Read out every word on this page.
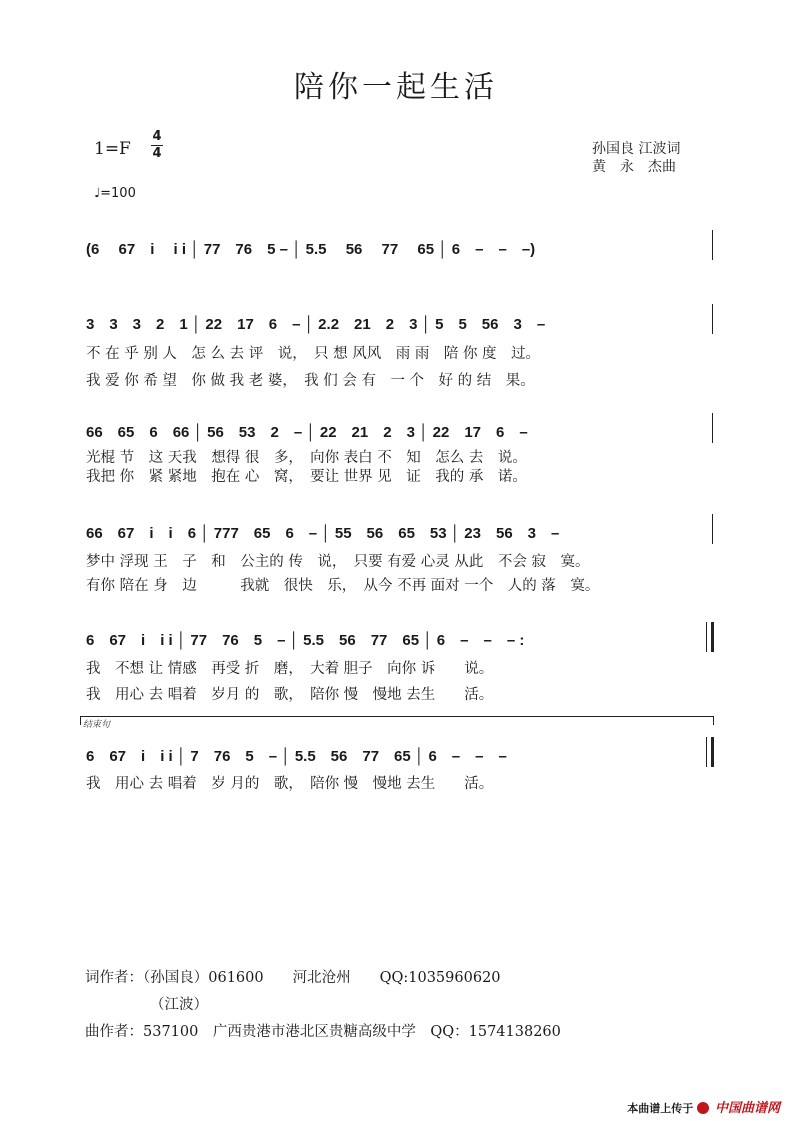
陪你一起生活
1=F
4
4
♩=100
孙国良 江波词
黄　永　杰曲
(6　 67　i　 i i │ 77　76　5 – │ 5.5　 56　 77　 65 │ 6　–　–　–)
3　3　3　2　1 │ 22　17　6　– │ 2.2　21　2　3 │ 5　5　56　3　–
不 在 乎 别 人　怎 么 去 评　说，　只 想 风风　雨 雨　陪 你 度　过。
我 爱 你 希 望　你 做 我 老 婆，　我 们 会 有　一 个　好 的 结　果。
66　65　6　66 │ 56　53　2　– │ 22　21　2　3 │ 22　17　6　–
光棍 节　这 天我　想得 很　多，　向你 表白 不　知　怎么 去　说。
我把 你　紧 紧地　抱在 心　窝，　要让 世界 见　证　我的 承　诺。
66　67　i　i　6 │ 777　65　6　– │ 55　56　65　53 │ 23　56　3　–
梦中 浮现 王　子　和　公主的 传　说，　只要 有爱 心灵 从此　不会 寂　寞。
有你 陪在 身　边　　　我就　很快　乐，　从今 不再 面对 一个　人的 落　寞。
6　67　i　i i │ 77　76　5　– │ 5.5　56　77　65 │ 6　–　–　– :
我　不想 让 情感　再受 折　磨，　大着 胆子　向你 诉　　说。
我　用心 去 唱着　岁月 的　歌，　陪你 慢　慢地 去生　　活。
结束句
6　67　i　i i │ 7　76　5　– │ 5.5　56　77　65 │ 6　–　–　–
我　用心 去 唱着　岁 月的　歌，　陪你 慢　慢地 去生　　活。
词作者：（孙国良）061600　　河北沧州　　QQ:1035960620
（江波）
曲作者：537100　广西贵港市港北区贵糖高级中学　QQ：1574138260
本曲谱上传于 中国曲谱网
